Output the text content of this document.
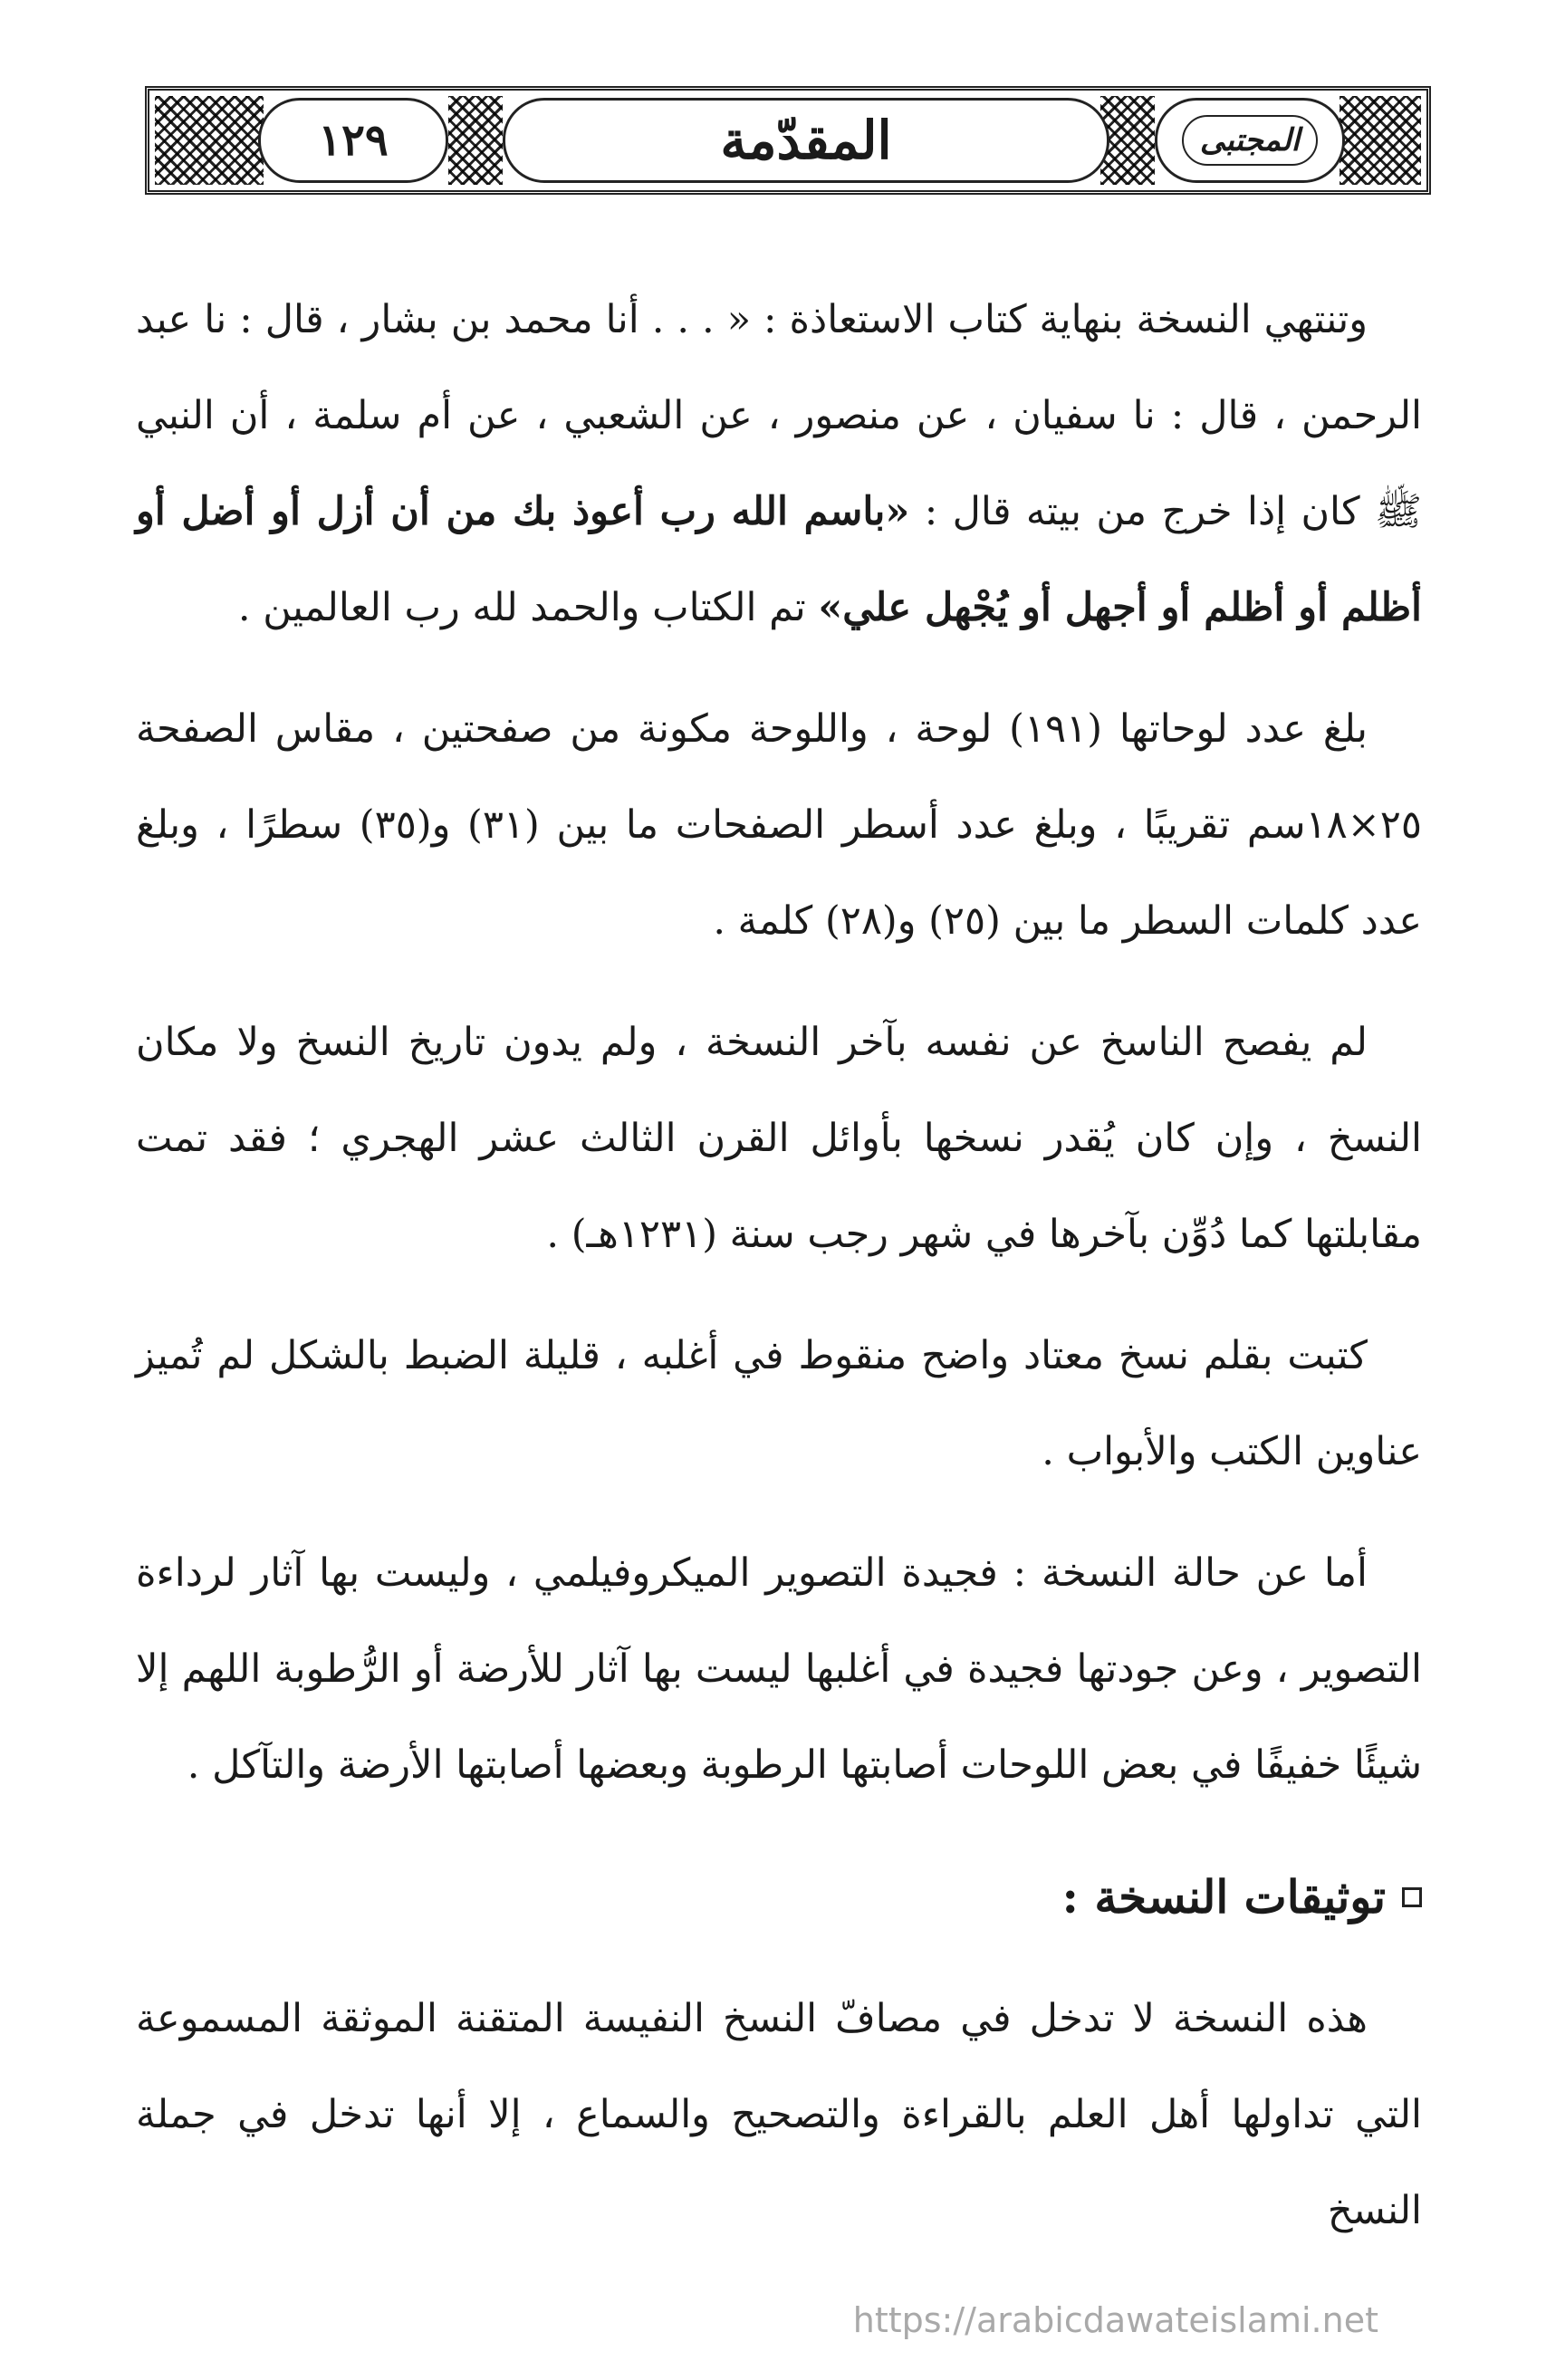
١٢٩	المقدّمة	المجتبى

وتنتهي النسخة بنهاية كتاب الاستعاذة : « . . . أنا محمد بن بشار ، قال : نا عبد الرحمن ، قال : نا سفيان ، عن منصور ، عن الشعبي ، عن أم سلمة ، أن النبي ﷺ كان إذا خرج من بيته قال : «باسم الله رب أعوذ بك من أن أزل أو أضل أو أظلم أو أظلم أو أجهل أو يُجْهل علي» تم الكتاب والحمد لله رب العالمين .

بلغ عدد لوحاتها (١٩١) لوحة ، واللوحة مكونة من صفحتين ، مقاس الصفحة ٢٥×١٨سم تقريبًا ، وبلغ عدد أسطر الصفحات ما بين (٣١) و(٣٥) سطرًا ، وبلغ عدد كلمات السطر ما بين (٢٥) و(٢٨) كلمة .

لم يفصح الناسخ عن نفسه بآخر النسخة ، ولم يدون تاريخ النسخ ولا مكان النسخ ، وإن كان يُقدر نسخها بأوائل القرن الثالث عشر الهجري ؛ فقد تمت مقابلتها كما دُوِّن بآخرها في شهر رجب سنة (١٢٣١هـ) .

كتبت بقلم نسخ معتاد واضح منقوط في أغلبه ، قليلة الضبط بالشكل لم تُميز عناوين الكتب والأبواب .

أما عن حالة النسخة : فجيدة التصوير الميكروفيلمي ، وليست بها آثار لرداءة التصوير ، وعن جودتها فجيدة في أغلبها ليست بها آثار للأرضة أو الرُّطوبة اللهم إلا شيئًا خفيفًا في بعض اللوحات أصابتها الرطوبة وبعضها أصابتها الأرضة والتآكل .

توثيقات النسخة :

هذه النسخة لا تدخل في مصافّ النسخ النفيسة المتقنة الموثقة المسموعة التي تداولها أهل العلم بالقراءة والتصحيح والسماع ، إلا أنها تدخل في جملة النسخ

https://arabicdawateislami.net
